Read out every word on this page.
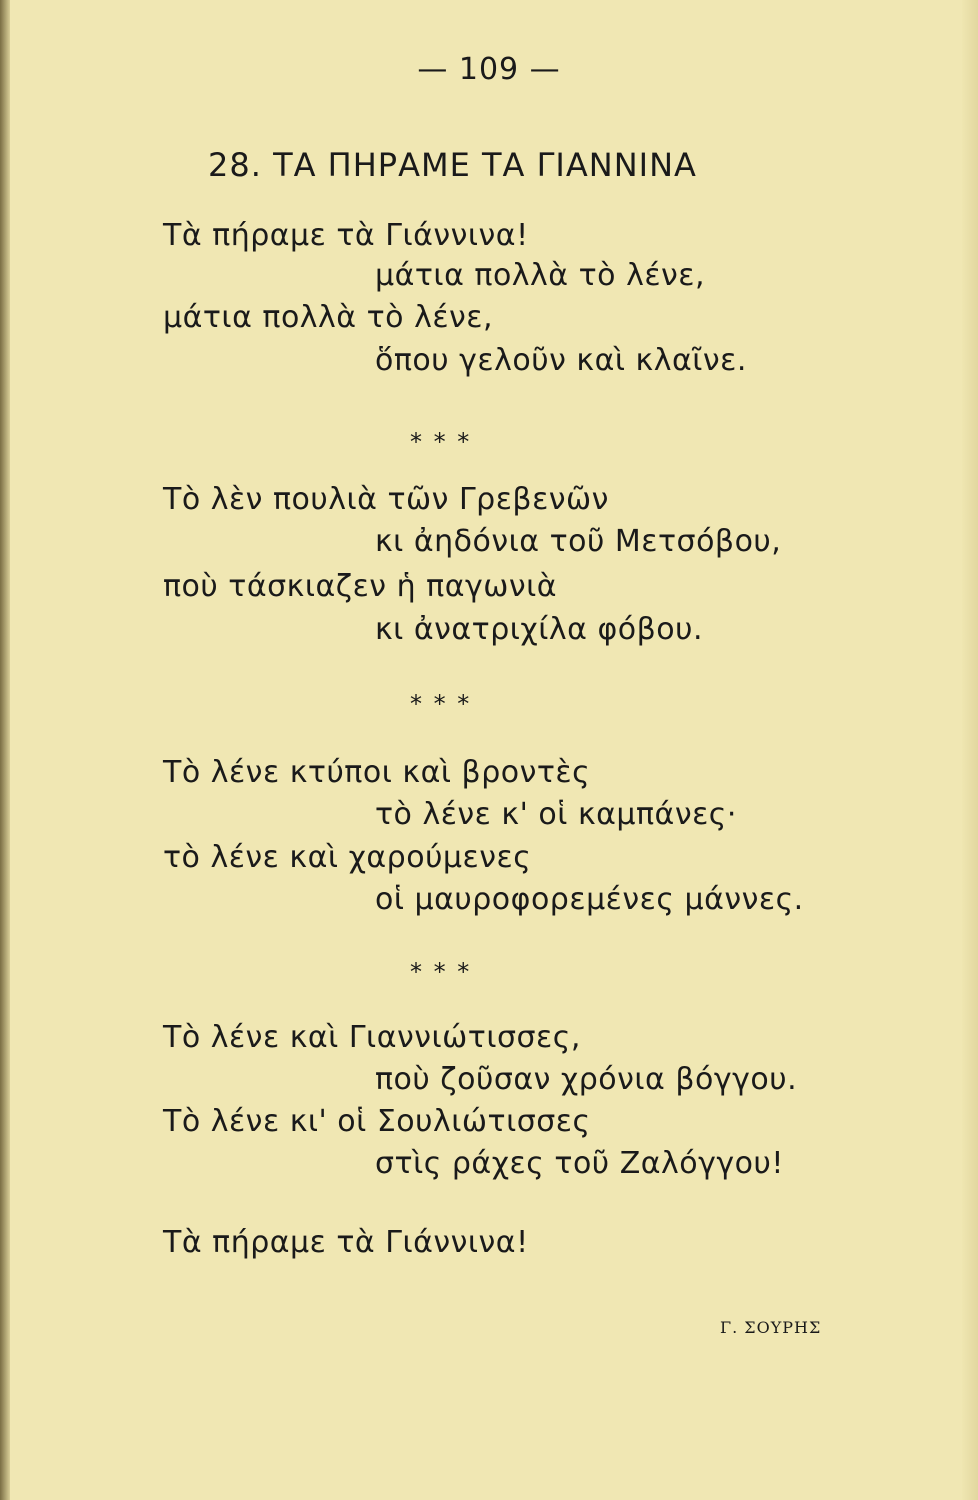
— 109 —
28. ΤΑ ΠΗΡΑΜΕ ΤΑ ΓΙΑΝΝΙΝΑ
Τὰ πήραμε τὰ Γιάννινα!
μάτια πολλὰ τὸ λένε,
μάτια πολλὰ τὸ λένε,
ὅπου γελοῦν καὶ κλαῖνε.
* * *
Τὸ λὲν πουλιὰ τῶν Γρεβενῶν
κι ἀηδόνια τοῦ Μετσόβου,
ποὺ τάσκιαζεν ἡ παγωνιὰ
κι ἀνατριχίλα φόβου.
* * *
Τὸ λένε κτύποι καὶ βροντὲς
τὸ λένε κ' οἱ καμπάνες·
τὸ λένε καὶ χαρούμενες
οἱ μαυροφορεμένες μάννες.
* * *
Τὸ λένε καὶ Γιαννιώτισσες,
ποὺ ζοῦσαν χρόνια βόγγου.
Τὸ λένε κι' οἱ Σουλιώτισσες
στὶς ράχες τοῦ Ζαλόγγου!
Τὰ πήραμε τὰ Γιάννινα!
Γ. ΣΟΥΡΗΣ
